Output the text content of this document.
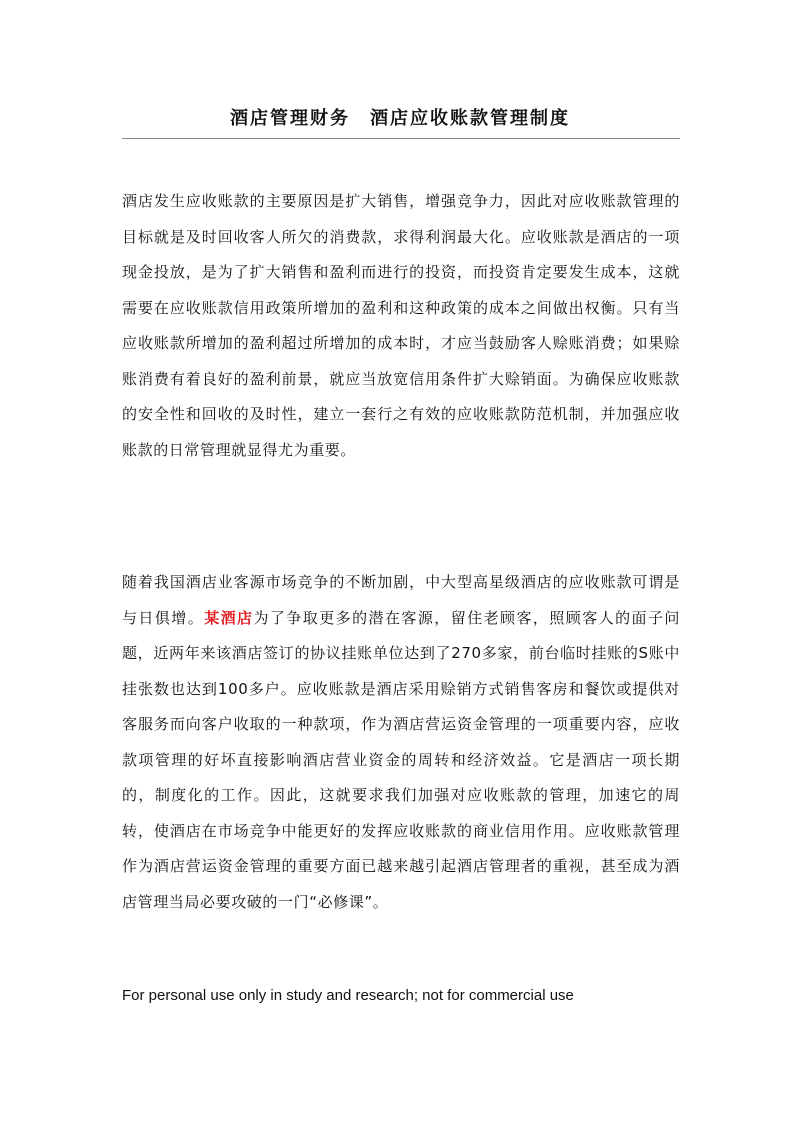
酒店管理财务　酒店应收账款管理制度
酒店发生应收账款的主要原因是扩大销售，增强竞争力，因此对应收账款管理的目标就是及时回收客人所欠的消费款，求得利润最大化。应收账款是酒店的一项现金投放，是为了扩大销售和盈利而进行的投资，而投资肯定要发生成本，这就需要在应收账款信用政策所增加的盈利和这种政策的成本之间做出权衡。只有当应收账款所增加的盈利超过所增加的成本时，才应当鼓励客人赊账消费；如果赊账消费有着良好的盈利前景，就应当放宽信用条件扩大赊销面。为确保应收账款的安全性和回收的及时性，建立一套行之有效的应收账款防范机制，并加强应收账款的日常管理就显得尤为重要。
随着我国酒店业客源市场竞争的不断加剧，中大型高星级酒店的应收账款可谓是与日俱增。某酒店为了争取更多的潜在客源，留住老顾客，照顾客人的面子问题，近两年来该酒店签订的协议挂账单位达到了270多家，前台临时挂账的S账中挂张数也达到100多户。应收账款是酒店采用赊销方式销售客房和餐饮或提供对客服务而向客户收取的一种款项，作为酒店营运资金管理的一项重要内容，应收款项管理的好坏直接影响酒店营业资金的周转和经济效益。它是酒店一项长期的，制度化的工作。因此，这就要求我们加强对应收账款的管理，加速它的周转，使酒店在市场竞争中能更好的发挥应收账款的商业信用作用。应收账款管理作为酒店营运资金管理的重要方面已越来越引起酒店管理者的重视，甚至成为酒店管理当局必要攻破的一门“必修课”。
For personal use only in study and research; not for commercial use
